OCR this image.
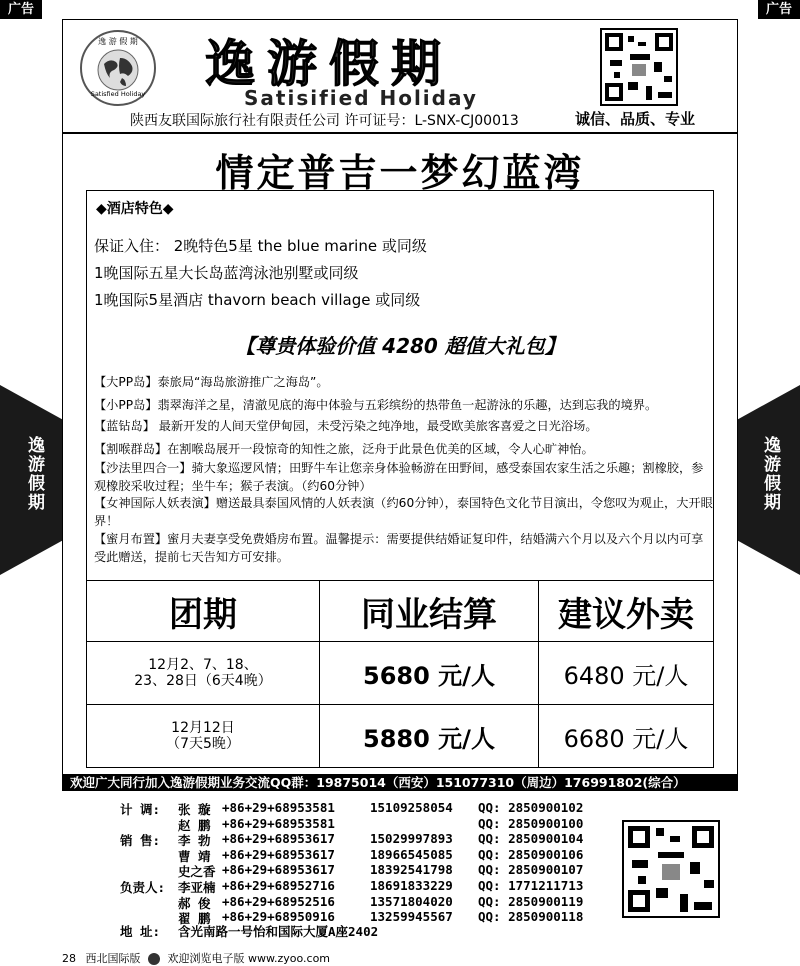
广告	广告
逸游假期	逸游假期
逸 游 假 期
Satisfied Holiday
逸游假期
Satisified Holiday
陕西友联国际旅行社有限责任公司 许可证号：L-SNX-CJ00013	诚信、品质、专业
情定普吉一梦幻蓝湾
◆酒店特色◆
保证入住： 2晚特色5星 the blue marine 或同级
1晚国际五星大长岛蓝湾泳池别墅或同级
1晚国际5星酒店 thavorn beach village 或同级
【尊贵体验价值 4280 超值大礼包】
【大PP岛】泰旅局“海岛旅游推广之海岛”。
【小PP岛】翡翠海洋之星，清澈见底的海中体验与五彩缤纷的热带鱼一起游泳的乐趣，达到忘我的境界。
【蓝钻岛】 最新开发的人间天堂伊甸园，未受污染之纯净地，最受欧美旅客喜爱之日光浴场。
【割喉群岛】在割喉岛展开一段惊奇的知性之旅，泛舟于此景色优美的区域，令人心旷神怡。
【沙法里四合一】骑大象巡逻风情；田野牛车让您亲身体验畅游在田野间，感受泰国农家生活之乐趣；割橡胶，参观橡胶采收过程；坐牛车；猴子表演。（约60分钟）
【女神国际人妖表演】赠送最具泰国风情的人妖表演（约60分钟），泰国特色文化节目演出，令您叹为观止，大开眼界！
【蜜月布置】蜜月夫妻享受免费婚房布置。温馨提示：需要提供结婚证复印件，结婚满六个月以及六个月以内可享受此赠送，提前七天告知方可安排。
团期	同业结算	建议外卖

12月2、7、18、
23、28日（6天4晚）	5680 元/人	6480 元/人

12月12日
（7天5晚）	5880 元/人	6680 元/人
欢迎广大同行加入逸游假期业务交流QQ群：19875014（西安）151077310（周边）176991802(综合）
计 调: 张 璇 +86+29+68953581	15109258054 QQ: 2850900102
赵 鹏 +86+29+68953581	QQ: 2850900100
销 售: 李 勃 +86+29+68953617	15029997893 QQ: 2850900104
曹 靖 +86+29+68953617	18966545085 QQ: 2850900106
史之香 +86+29+68953617	18392541798 QQ: 2850900107
负责人: 李亚楠 +86+29+68952716	18691833229 QQ: 1771211713
郝 俊 +86+29+68952516	13571804020 QQ: 2850900119
翟 鹏 +86+29+68950916	13259945567 QQ: 2850900118
地 址: 含光南路一号怡和国际大厦A座2402
28 西北国际版 欢迎浏览电子版 www.zyoo.com
